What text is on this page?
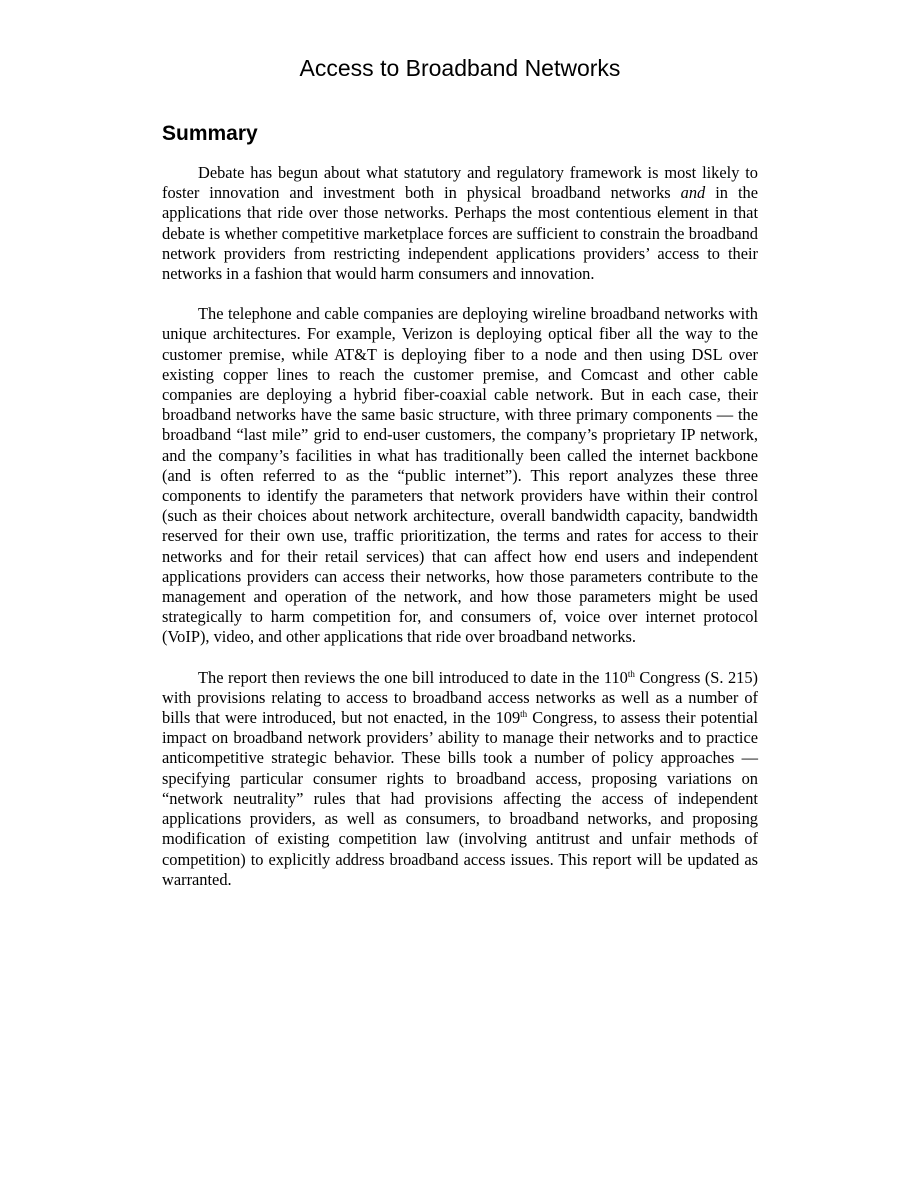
Access to Broadband Networks
Summary

Debate has begun about what statutory and regulatory framework is most likely to foster innovation and investment both in physical broadband networks and in the applications that ride over those networks. Perhaps the most contentious element in that debate is whether competitive marketplace forces are sufficient to constrain the broadband network providers from restricting independent applications providers’ access to their networks in a fashion that would harm consumers and innovation.

The telephone and cable companies are deploying wireline broadband networks with unique architectures. For example, Verizon is deploying optical fiber all the way to the customer premise, while AT&T is deploying fiber to a node and then using DSL over existing copper lines to reach the customer premise, and Comcast and other cable companies are deploying a hybrid fiber-coaxial cable network. But in each case, their broadband networks have the same basic structure, with three primary components — the broadband “last mile” grid to end-user customers, the company’s proprietary IP network, and the company’s facilities in what has traditionally been called the internet backbone (and is often referred to as the “public internet”). This report analyzes these three components to identify the parameters that network providers have within their control (such as their choices about network architecture, overall bandwidth capacity, bandwidth reserved for their own use, traffic prioritization, the terms and rates for access to their networks and for their retail services) that can affect how end users and independent applications providers can access their networks, how those parameters contribute to the management and operation of the network, and how those parameters might be used strategically to harm competition for, and consumers of, voice over internet protocol (VoIP), video, and other applications that ride over broadband networks.

The report then reviews the one bill introduced to date in the 110th Congress (S. 215) with provisions relating to access to broadband access networks as well as a number of bills that were introduced, but not enacted, in the 109th Congress, to assess their potential impact on broadband network providers’ ability to manage their networks and to practice anticompetitive strategic behavior. These bills took a number of policy approaches — specifying particular consumer rights to broadband access, proposing variations on “network neutrality” rules that had provisions affecting the access of independent applications providers, as well as consumers, to broadband networks, and proposing modification of existing competition law (involving antitrust and unfair methods of competition) to explicitly address broadband access issues. This report will be updated as warranted.
